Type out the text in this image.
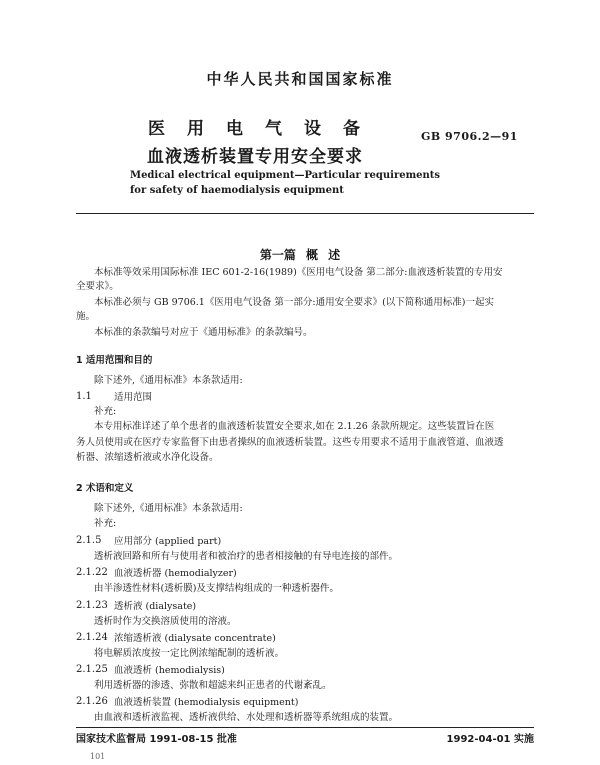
中华人民共和国国家标准
医用电气设备
血液透析装置专用安全要求
GB 9706.2—91
Medical electrical equipment—Particular requirements
for safety of haemodialysis equipment
第一篇 概 述
本标准等效采用国际标准 IEC 601-2-16(1989)《医用电气设备 第二部分:血液透析装置的专用安
全要求》。
本标准必须与 GB 9706.1《医用电气设备 第一部分:通用安全要求》(以下简称通用标准)一起实
施。
本标准的条款编号对应于《通用标准》的条款编号。
1 适用范围和目的
除下述外,《通用标准》本条款适用:
1.1 适用范围
补充:
本专用标准详述了单个患者的血液透析装置安全要求,如在 2.1.26 条款所规定。这些装置旨在医
务人员使用或在医疗专家监督下由患者操纵的血液透析装置。这些专用要求不适用于血液管道、血液透
析器、浓缩透析液或水净化设备。
2 术语和定义
除下述外,《通用标准》本条款适用:
补充:
2.1.5 应用部分 (applied part)
透析液回路和所有与使用者和被治疗的患者相接触的有导电连接的部件。
2.1.22 血液透析器 (hemodialyzer)
由半渗透性材料(透析膜)及支撑结构组成的一种透析器件。
2.1.23 透析液 (dialysate)
透析时作为交换溶质使用的溶液。
2.1.24 浓缩透析液 (dialysate concentrate)
将电解质浓度按一定比例浓缩配制的透析液。
2.1.25 血液透析 (hemodialysis)
利用透析器的渗透、弥散和超滤来纠正患者的代谢紊乱。
2.1.26 血液透析装置 (hemodialysis equipment)
由血液和透析液监视、透析液供给、水处理和透析器等系统组成的装置。
国家技术监督局 1991-08-15 批准	1992-04-01 实施
101
